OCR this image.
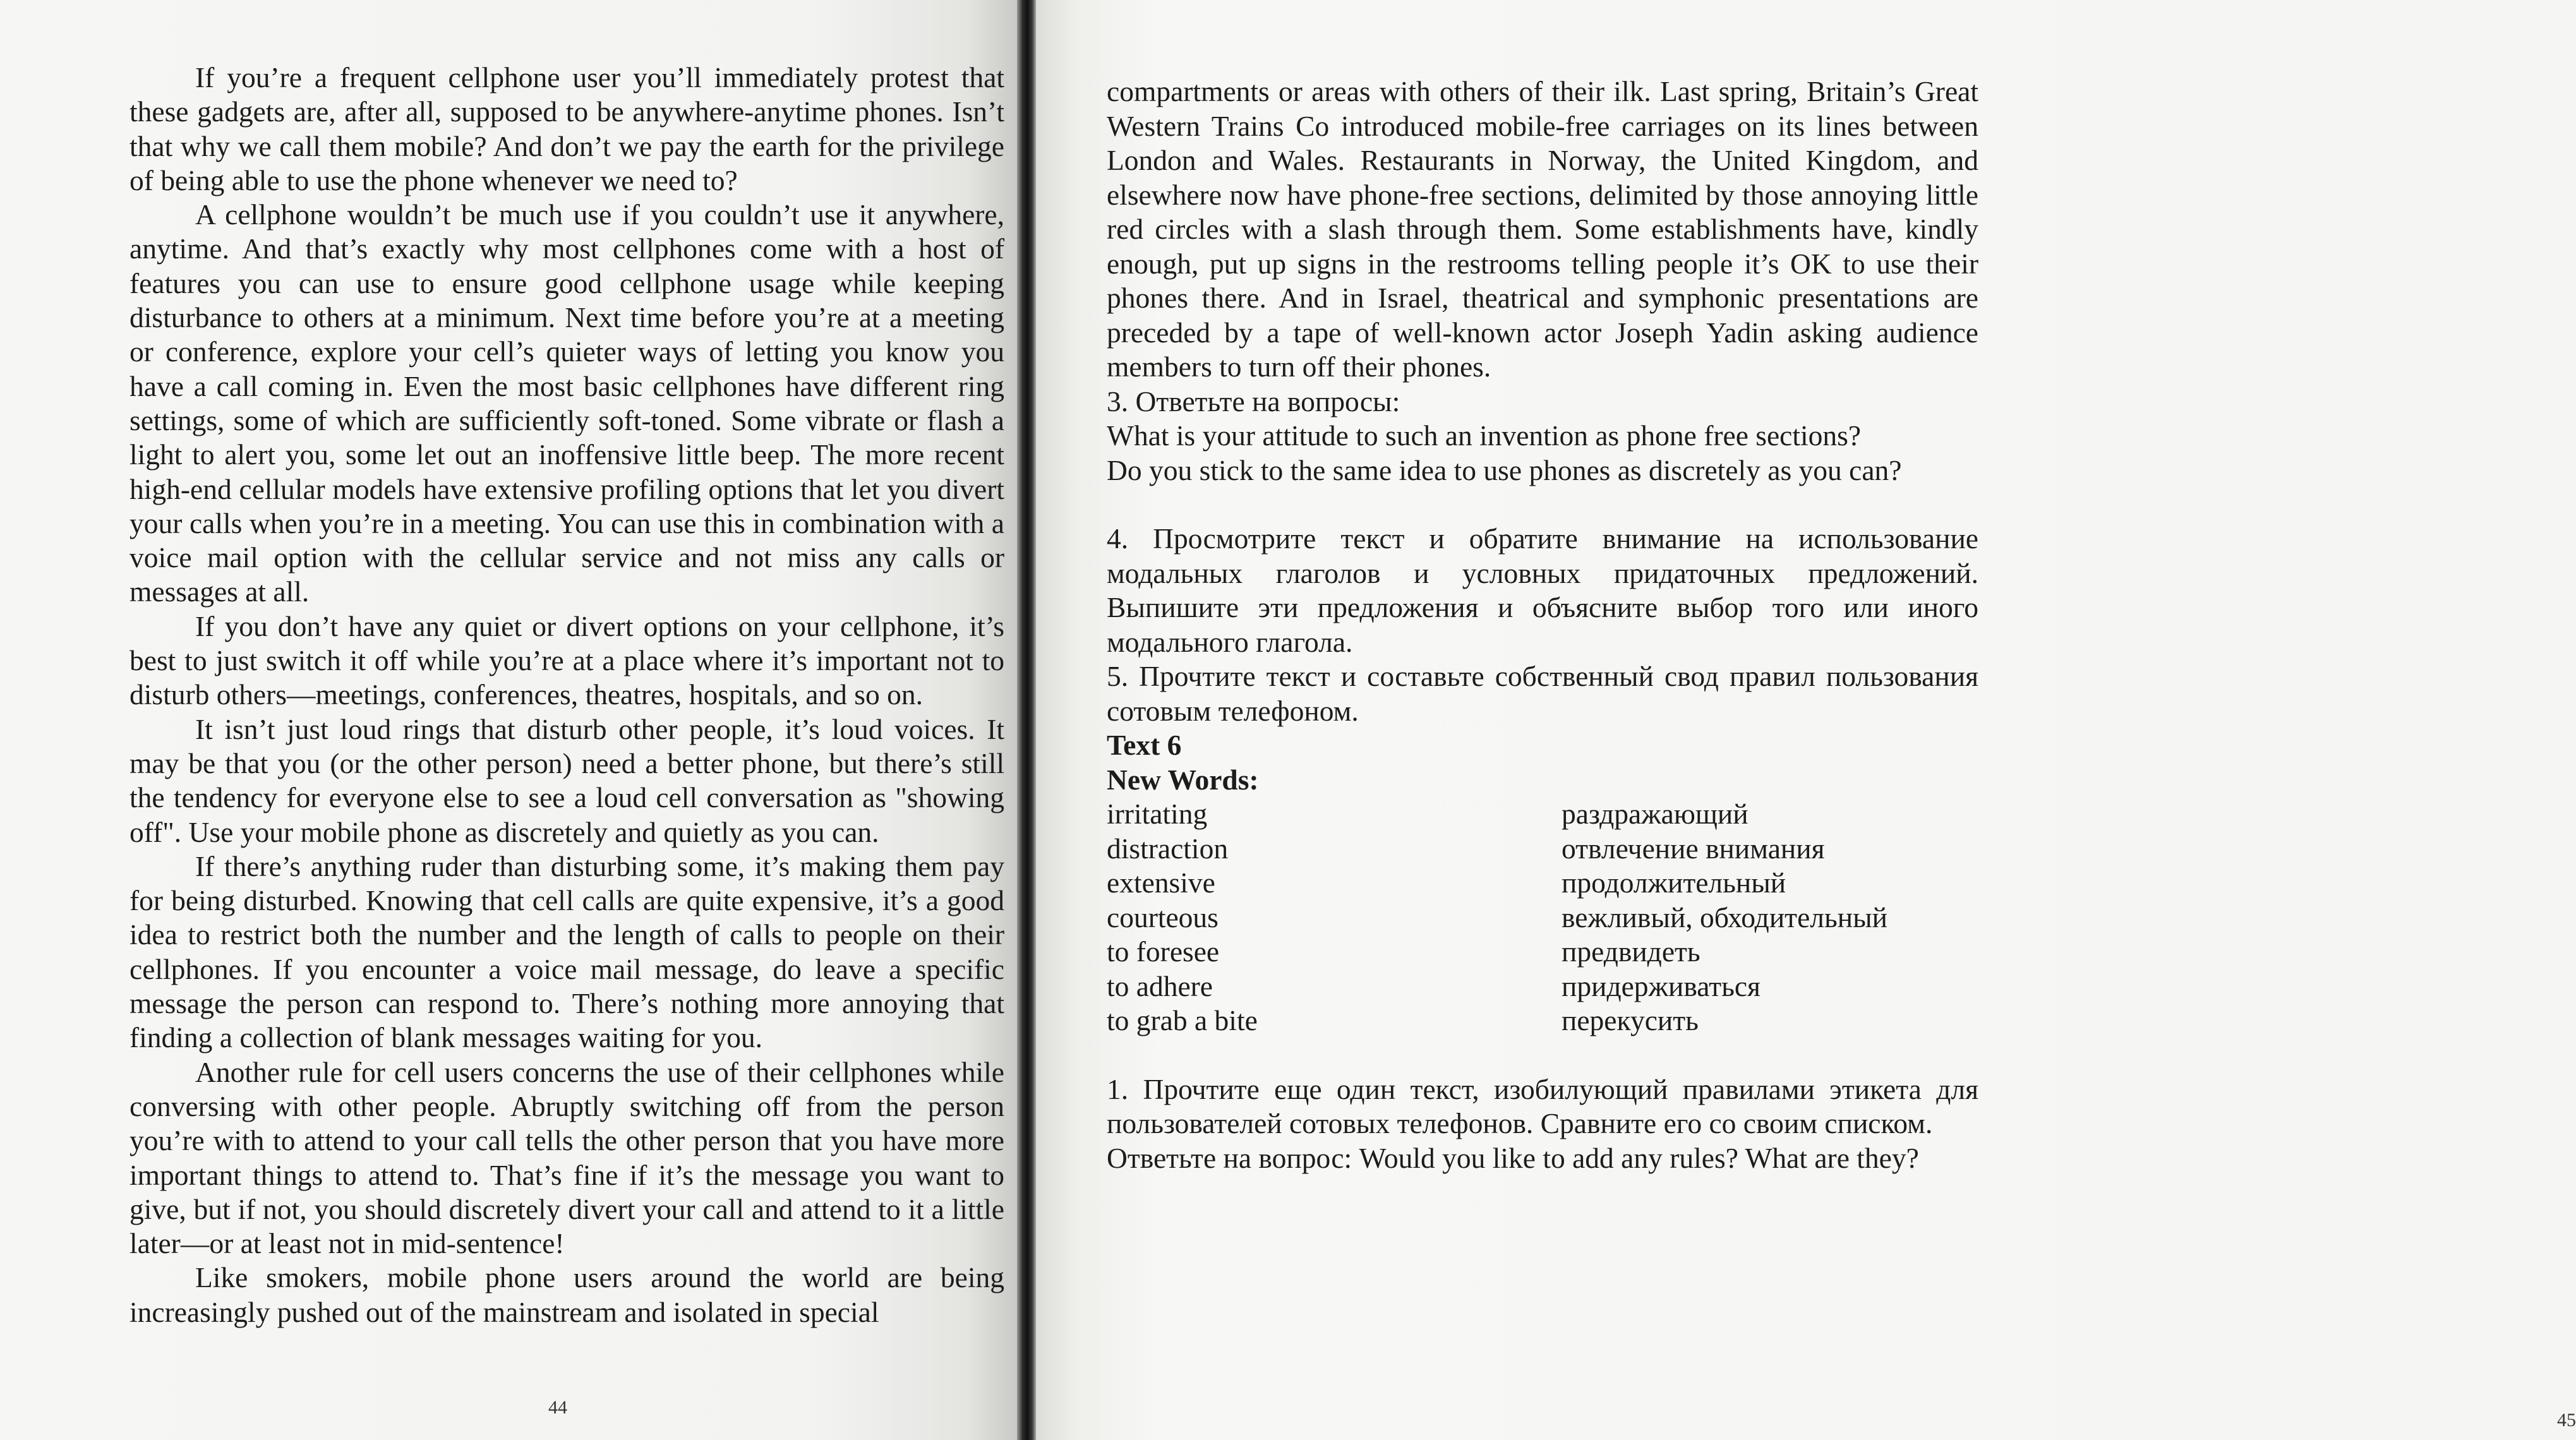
If you’re a frequent cellphone user you’ll immediately protest that these gadgets are, after all, supposed to be anywhere-anytime phones. Isn’t that why we call them mobile? And don’t we pay the earth for the privilege of being able to use the phone whenever we need to?

A cellphone wouldn’t be much use if you couldn’t use it anywhere, anytime. And that’s exactly why most cellphones come with a host of features you can use to ensure good cellphone usage while keeping disturbance to others at a minimum. Next time before you’re at a meeting or conference, explore your cell’s quieter ways of letting you know you have a call coming in. Even the most basic cellphones have different ring settings, some of which are sufficiently soft-toned. Some vibrate or flash a light to alert you, some let out an inoffensive little beep. The more recent high-end cellular models have extensive profiling options that let you divert your calls when you’re in a meeting. You can use this in combination with a voice mail option with the cellular service and not miss any calls or messages at all.

If you don’t have any quiet or divert options on your cellphone, it’s best to just switch it off while you’re at a place where it’s important not to disturb others—meetings, conferences, theatres, hospitals, and so on.

It isn’t just loud rings that disturb other people, it’s loud voices. It may be that you (or the other person) need a better phone, but there’s still the tendency for everyone else to see a loud cell conversation as "showing off". Use your mobile phone as discretely and quietly as you can.

If there’s anything ruder than disturbing some, it’s making them pay for being disturbed. Knowing that cell calls are quite expensive, it’s a good idea to restrict both the number and the length of calls to people on their cellphones. If you encounter a voice mail message, do leave a specific message the person can respond to. There’s nothing more annoying that finding a collection of blank messages waiting for you.

Another rule for cell users concerns the use of their cellphones while conversing with other people. Abruptly switching off from the person you’re with to attend to your call tells the other person that you have more important things to attend to. That’s fine if it’s the message you want to give, but if not, you should discretely divert your call and attend to it a little later—or at least not in mid-sentence!

Like smokers, mobile phone users around the world are being increasingly pushed out of the mainstream and isolated in special

44
45

compartments or areas with others of their ilk. Last spring, Britain’s Great Western Trains Co introduced mobile-free carriages on its lines between London and Wales. Restaurants in Norway, the United Kingdom, and elsewhere now have phone-free sections, delimited by those annoying little red circles with a slash through them. Some establishments have, kindly enough, put up signs in the restrooms telling people it’s OK to use their phones there. And in Israel, theatrical and symphonic presentations are preceded by a tape of well-known actor Joseph Yadin asking audience members to turn off their phones.

3. Ответьте на вопросы:

What is your attitude to such an invention as phone free sections?

Do you stick to the same idea to use phones as discretely as you can?

4. Просмотрите текст и обратите внимание на использование модальных глаголов и условных придаточных предложений. Выпишите эти предложения и объясните выбор того или иного модального глагола.

5. Прочтите текст и составьте собственный свод правил пользования сотовым телефоном.

Text 6

New Words:

irritating
distraction
extensive
courteous
to foresee
to adhere
to grab a bite
раздражающий
отвлечение внимания
продолжительный
вежливый, обходительный
предвидеть
придерживаться
перекусить

1. Прочтите еще один текст, изобилующий правилами этикета для пользователей сотовых телефонов. Сравните его со своим списком.

Ответьте на вопрос: Would you like to add any rules? What are they?
